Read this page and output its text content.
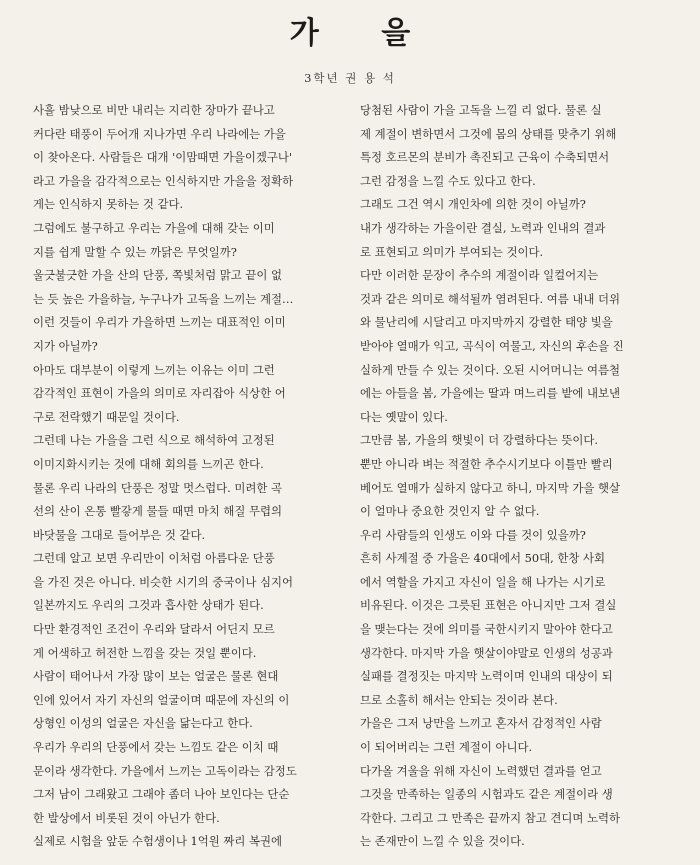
가 을
3학년 권 용 석
사흘 밤낮으로 비만 내리는 지리한 장마가 끝나고
커다란 태풍이 두어개 지나가면 우리 나라에는 가을
이 찾아온다. 사람들은 대개 '이맘때면 가을이겠구나'
라고 가을을 감각적으로는 인식하지만 가을을 정확하
게는 인식하지 못하는 것 같다.
그럼에도 불구하고 우리는 가을에 대해 갖는 이미
지를 쉽게 말할 수 있는 까닭은 무엇일까?
울긋불긋한 가을 산의 단풍, 쪽빛처럼 맑고 끝이 없
는 듯 높은 가을하늘, 누구나가 고독을 느끼는 계절…
이런 것들이 우리가 가을하면 느끼는 대표적인 이미
지가 아닐까?
아마도 대부분이 이렇게 느끼는 이유는 이미 그런
감각적인 표현이 가을의 의미로 자리잡아 식상한 어
구로 전락했기 때문일 것이다.
그런데 나는 가을을 그런 식으로 해석하여 고정된
이미지화시키는 것에 대해 회의를 느끼곤 한다.
물론 우리 나라의 단풍은 정말 멋스럽다. 미려한 곡
선의 산이 온통 빨갛게 물들 때면 마치 해질 무렵의
바닷물을 그대로 들어부은 것 같다.
그런데 알고 보면 우리만이 이처럼 아름다운 단풍
을 가진 것은 아니다. 비슷한 시기의 중국이나 심지어
일본까지도 우리의 그것과 흡사한 상태가 된다.
다만 환경적인 조건이 우리와 달라서 어딘지 모르
게 어색하고 허전한 느낌을 갖는 것일 뿐이다.
사람이 태어나서 가장 많이 보는 얼굴은 물론 현대
인에 있어서 자기 자신의 얼굴이며 때문에 자신의 이
상형인 이성의 얼굴은 자신을 닮는다고 한다.
우리가 우리의 단풍에서 갖는 느낌도 같은 이치 때
문이라 생각한다. 가을에서 느끼는 고독이라는 감정도
그저 남이 그래왔고 그래야 좀더 나아 보인다는 단순
한 발상에서 비롯된 것이 아닌가 한다.
실제로 시험을 앞둔 수험생이나 1억원 짜리 복권에
당첨된 사람이 가을 고독을 느낄 리 없다. 물론 실
제 계절이 변하면서 그것에 몸의 상태를 맞추기 위해
특정 호르몬의 분비가 촉진되고 근육이 수축되면서
그런 감정을 느낄 수도 있다고 한다.
그래도 그건 역시 개인차에 의한 것이 아닐까?
내가 생각하는 가을이란 결실, 노력과 인내의 결과
로 표현되고 의미가 부여되는 것이다.
다만 이러한 문장이 추수의 계절이라 일컬어지는
것과 같은 의미로 해석될까 염려된다. 여름 내내 더위
와 물난리에 시달리고 마지막까지 강렬한 태양 빛을
받아야 열매가 익고, 곡식이 여물고, 자신의 후손을 진
실하게 만들 수 있는 것이다. 오된 시어머니는 여름철
에는 아들을 봄, 가을에는 딸과 며느리를 밭에 내보낸
다는 옛말이 있다.
그만큼 봄, 가을의 햇빛이 더 강렬하다는 뜻이다.
뿐만 아니라 벼는 적절한 추수시기보다 이틀만 빨리
베어도 열매가 실하지 않다고 하니, 마지막 가을 햇살
이 얼마나 중요한 것인지 알 수 없다.
우리 사람들의 인생도 이와 다를 것이 있을까?
흔히 사계절 중 가을은 40대에서 50대, 한창 사회
에서 역할을 가지고 자신이 일을 해 나가는 시기로
비유된다. 이것은 그릇된 표현은 아니지만 그저 결실
을 맺는다는 것에 의미를 국한시키지 말아야 한다고
생각한다. 마지막 가을 햇살이야말로 인생의 성공과
실패를 결정짓는 마지막 노력이며 인내의 대상이 되
므로 소홀히 해서는 안되는 것이라 본다.
가을은 그저 낭만을 느끼고 혼자서 감정적인 사람
이 되어버리는 그런 계절이 아니다.
다가올 겨울을 위해 자신이 노력했던 결과를 얻고
그것을 만족하는 일종의 시험과도 같은 계절이라 생
각한다. 그리고 그 만족은 끝까지 참고 견디며 노력하
는 존재만이 느낄 수 있을 것이다.
